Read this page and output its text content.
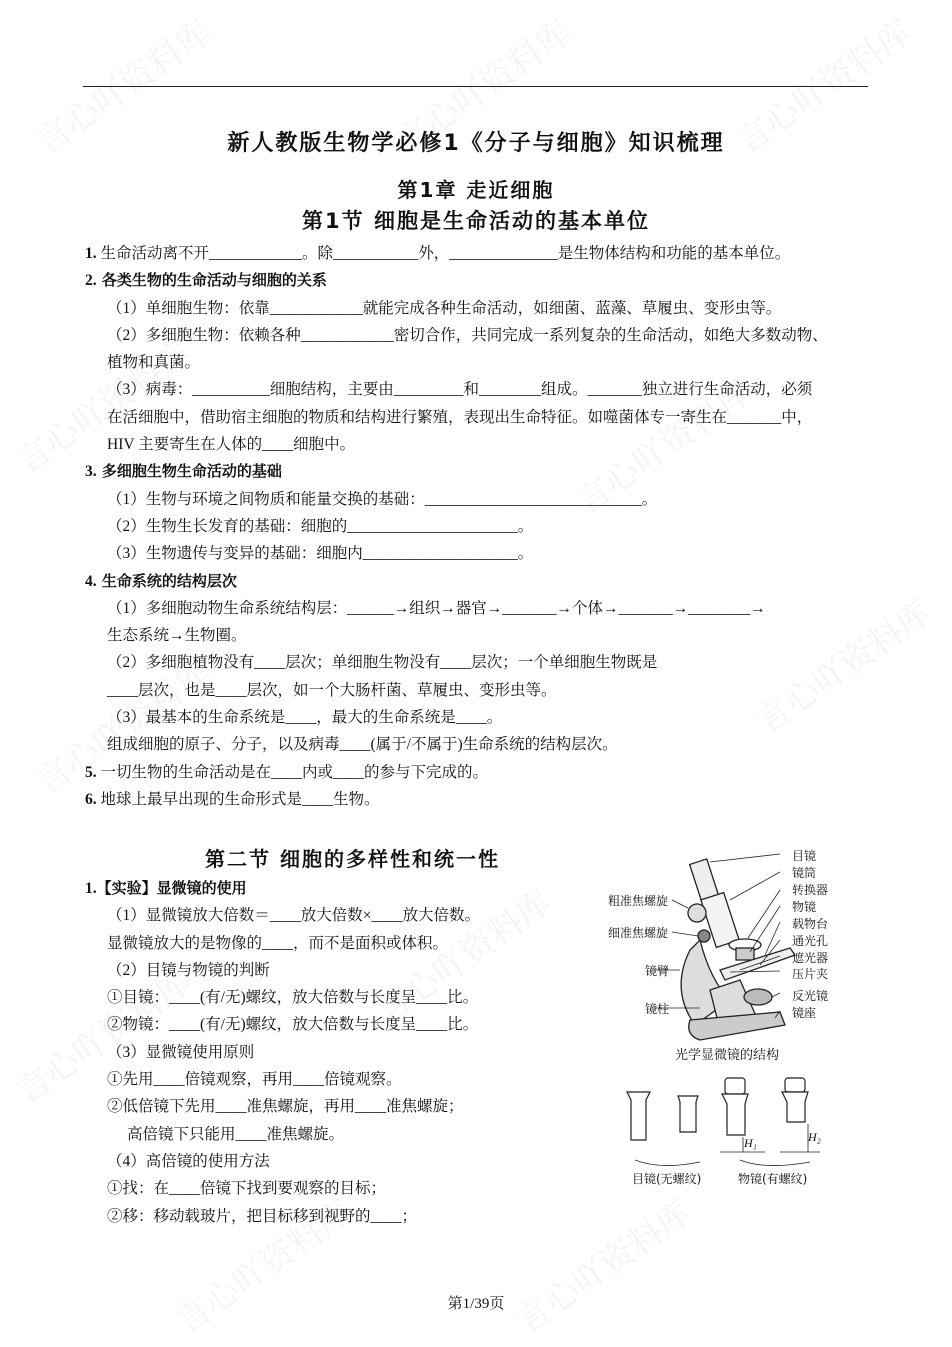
新人教版生物学必修1《分子与细胞》知识梳理
第1章 走近细胞
第1节 细胞是生命活动的基本单位
1. 生命活动离不开____________。除___________外，______________是生物体结构和功能的基本单位。
2. 各类生物的生命活动与细胞的关系
（1）单细胞生物：依靠____________就能完成各种生命活动，如细菌、蓝藻、草履虫、变形虫等。
（2）多细胞生物：依赖各种____________密切合作，共同完成一系列复杂的生命活动，如绝大多数动物、
植物和真菌。
（3）病毒：__________细胞结构，主要由_________和________组成。_______独立进行生命活动，必须
在活细胞中，借助宿主细胞的物质和结构进行繁殖，表现出生命特征。如噬菌体专一寄生在_______中，
HIV 主要寄生在人体的____细胞中。
3. 多细胞生物生命活动的基础
（1）生物与环境之间物质和能量交换的基础：____________________________。
（2）生物生长发育的基础：细胞的______________________。
（3）生物遗传与变异的基础：细胞内____________________。
4. 生命系统的结构层次
（1）多细胞动物生命系统结构层：______→组织→器官→_______→个体→_______→________→
生态系统→生物圈。
（2）多细胞植物没有____层次；单细胞生物没有____层次；一个单细胞生物既是
____层次，也是____层次，如一个大肠杆菌、草履虫、变形虫等。
（3）最基本的生命系统是____，最大的生命系统是____。
组成细胞的原子、分子，以及病毒____(属于/不属于)生命系统的结构层次。
5. 一切生物的生命活动是在____内或____的参与下完成的。
6. 地球上最早出现的生命形式是____生物。
第二节 细胞的多样性和统一性
1.【实验】显微镜的使用
（1）显微镜放大倍数＝____放大倍数×____放大倍数。
显微镜放大的是物像的____，而不是面积或体积。
（2）目镜与物镜的判断
①目镜：____(有/无)螺纹，放大倍数与长度呈____比。
②物镜：____(有/无)螺纹，放大倍数与长度呈____比。
（3）显微镜使用原则
①先用____倍镜观察，再用____倍镜观察。
②低倍镜下先用____准焦螺旋，再用____准焦螺旋；
高倍镜下只能用____准焦螺旋。
（4）高倍镜的使用方法
①找：在____倍镜下找到要观察的目标；
②移：移动载玻片，把目标移到视野的____；
粗准焦螺旋
细准焦螺旋
镜臂
镜柱
目镜
镜筒
转换器
物镜
载物台
通光孔
遮光器
压片夹
反光镜
镜座
光学显微镜的结构
H₁	H₂
目镜(无螺纹)	物镜(有螺纹)
第1/39页
